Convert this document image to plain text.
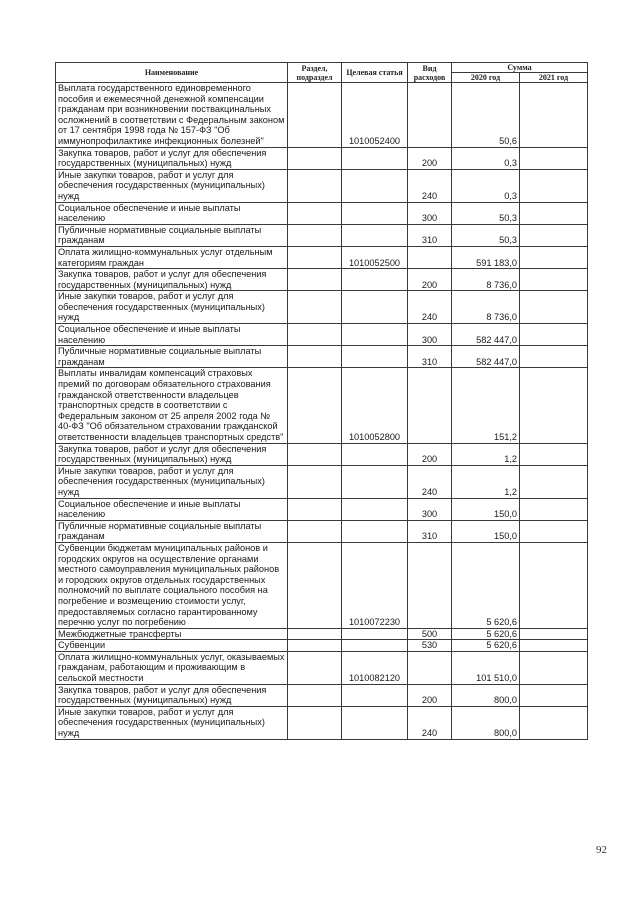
Наименование	Раздел, подраздел	Целевая статья	Вид расходов	Сумма	
				2020 год	2021 год
Выплата государственного единовременного пособия и ежемесячной денежной компенсации гражданам при возникновении поствакцинальных осложнений в соответствии с Федеральным законом от 17 сентября 1998 года № 157-ФЗ "Об иммунопрофилактике инфекционных болезней"		1010052400		50,6	
Закупка товаров, работ и услуг для обеспечения государственных (муниципальных) нужд			200	0,3	
Иные закупки товаров, работ и услуг для обеспечения государственных (муниципальных) нужд			240	0,3	
Социальное обеспечение и иные выплаты населению			300	50,3	
Публичные нормативные социальные выплаты гражданам			310	50,3	
Оплата жилищно-коммунальных услуг отдельным категориям граждан		1010052500		591 183,0	
Закупка товаров, работ и услуг для обеспечения государственных (муниципальных) нужд			200	8 736,0	
Иные закупки товаров, работ и услуг для обеспечения государственных (муниципальных) нужд			240	8 736,0	
Социальное обеспечение и иные выплаты населению			300	582 447,0	
Публичные нормативные социальные выплаты гражданам			310	582 447,0	
Выплаты инвалидам компенсаций страховых премий по договорам обязательного страхования гражданской ответственности владельцев транспортных средств в соответствии с Федеральным законом от 25 апреля 2002 года № 40-ФЗ "Об обязательном страховании гражданской ответственности владельцев транспортных средств"		1010052800		151,2	
Закупка товаров, работ и услуг для обеспечения государственных (муниципальных) нужд			200	1,2	
Иные закупки товаров, работ и услуг для обеспечения государственных (муниципальных) нужд			240	1,2	
Социальное обеспечение и иные выплаты населению			300	150,0	
Публичные нормативные социальные выплаты гражданам			310	150,0	
Субвенции бюджетам муниципальных районов и городских округов на осуществление органами местного самоуправления муниципальных районов и городских округов отдельных государственных полномочий по выплате социального пособия на погребение и возмещению стоимости услуг, предоставляемых согласно гарантированному перечню услуг по погребению		1010072230		5 620,6	
Межбюджетные трансферты			500	5 620,6	
Субвенции			530	5 620,6	
Оплата жилищно-коммунальных услуг, оказываемых гражданам, работающим и проживающим в сельской местности		1010082120		101 510,0	
Закупка товаров, работ и услуг для обеспечения государственных (муниципальных) нужд			200	800,0	
Иные закупки товаров, работ и услуг для обеспечения государственных (муниципальных) нужд			240	800,0	
92
